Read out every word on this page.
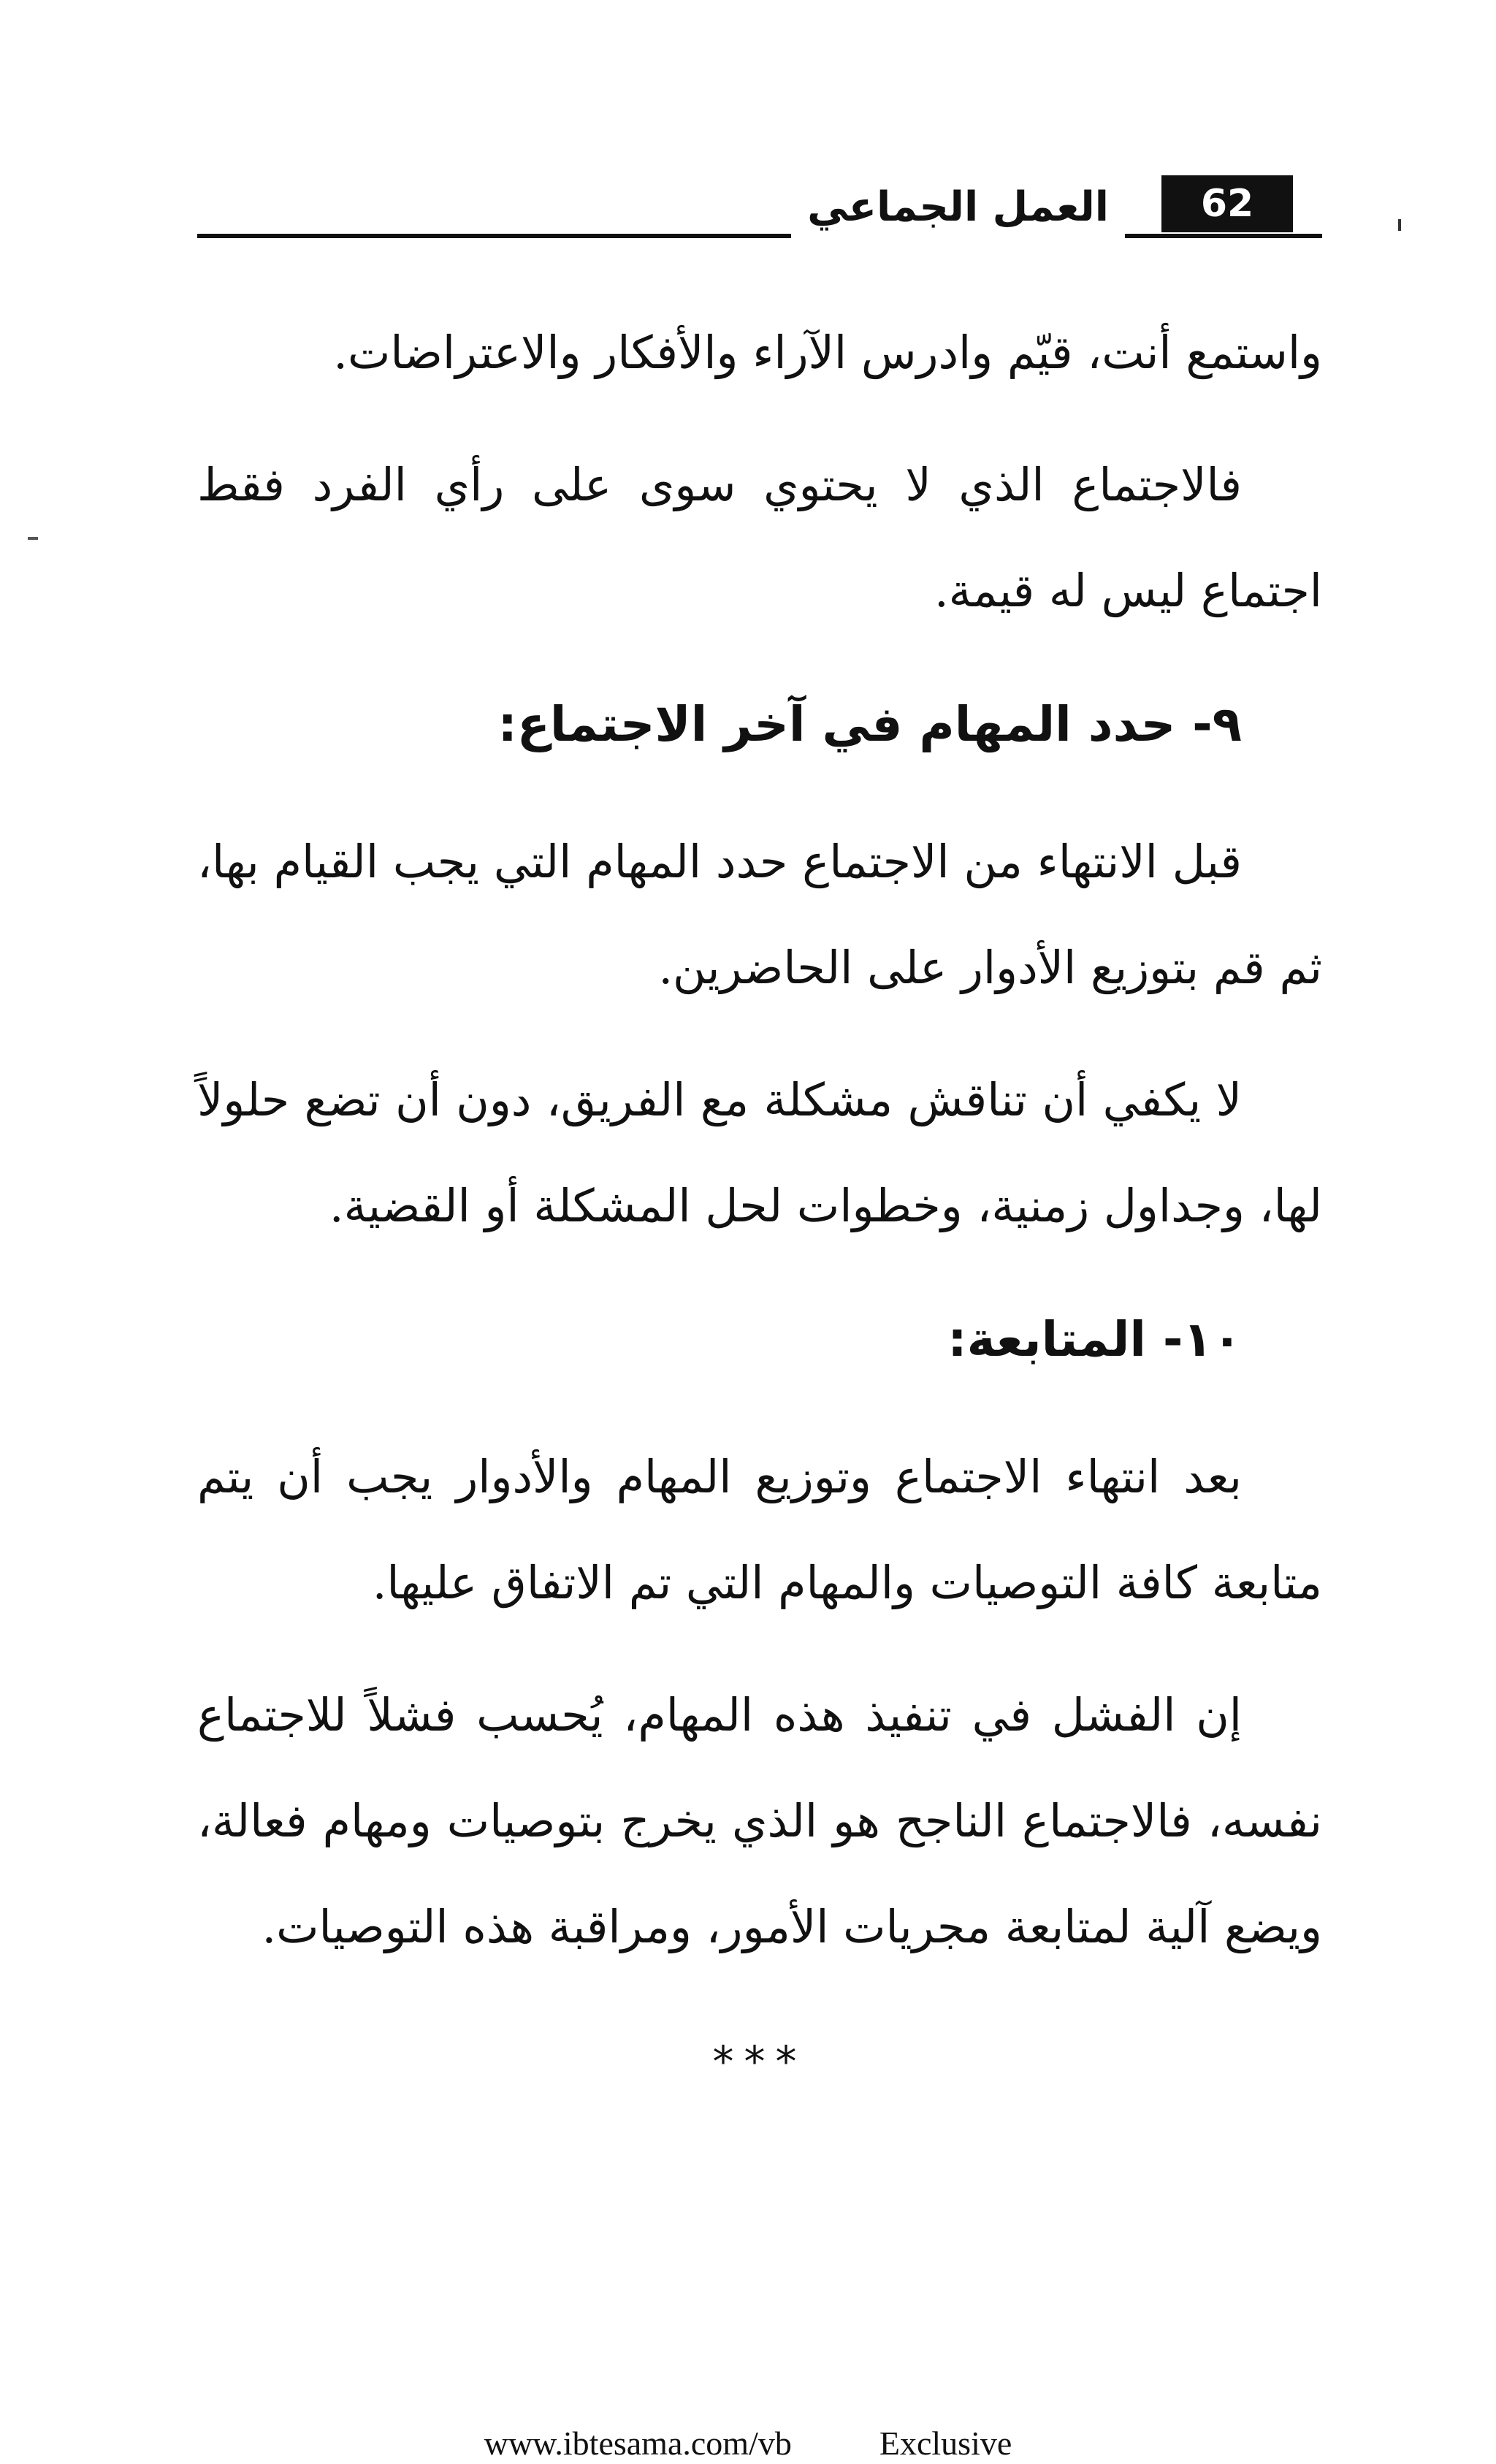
العمل الجماعي	62

واستمع أنت، قيّم وادرس الآراء والأفكار والاعتراضات.

فالاجتماع الذي لا يحتوي سوى على رأي الفرد فقط اجتماع ليس له قيمة.

٩- حدد المهام في آخر الاجتماع:

قبل الانتهاء من الاجتماع حدد المهام التي يجب القيام بها، ثم قم بتوزيع الأدوار على الحاضرين.

لا يكفي أن تناقش مشكلة مع الفريق، دون أن تضع حلولاً لها، وجداول زمنية، وخطوات لحل المشكلة أو القضية.

١٠- المتابعة:

بعد انتهاء الاجتماع وتوزيع المهام والأدوار يجب أن يتم متابعة كافة التوصيات والمهام التي تم الاتفاق عليها.

إن الفشل في تنفيذ هذه المهام، يُحسب فشلاً للاجتماع نفسه، فالاجتماع الناجح هو الذي يخرج بتوصيات ومهام فعالة، ويضع آلية لمتابعة مجريات الأمور، ومراقبة هذه التوصيات.

***
www.ibtesama.com/vb	Exclusive
